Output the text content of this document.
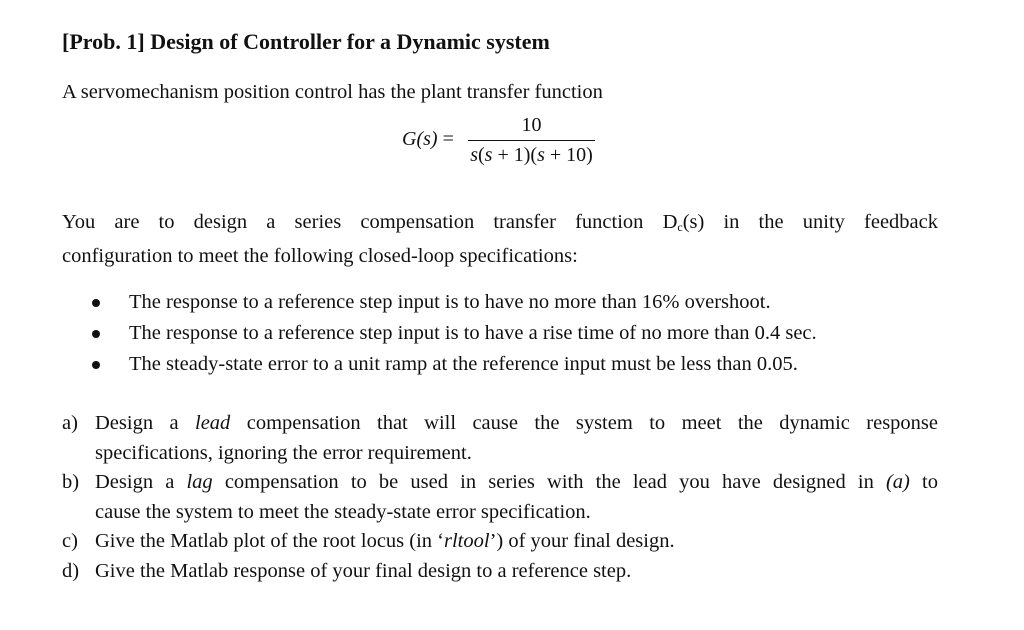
[Prob. 1] Design of Controller for a Dynamic system
A servomechanism position control has the plant transfer function
G(s) =
10
s(s + 1)(s + 10)
You are to design a series compensation transfer function $D_c(s)$ in the unity feedback
configuration to meet the following closed-loop specifications:
The response to a reference step input is to have no more than 16% overshoot.
The response to a reference step input is to have a rise time of no more than 0.4 sec.
The steady-state error to a unit ramp at the reference input must be less than 0.05.
a) Design a lead compensation that will cause the system to meet the dynamic response
specifications, ignoring the error requirement.
b) Design a lag compensation to be used in series with the lead you have designed in (a) to
cause the system to meet the steady-state error specification.
c) Give the Matlab plot of the root locus (in ‘rltool’) of your final design.
d) Give the Matlab response of your final design to a reference step.
